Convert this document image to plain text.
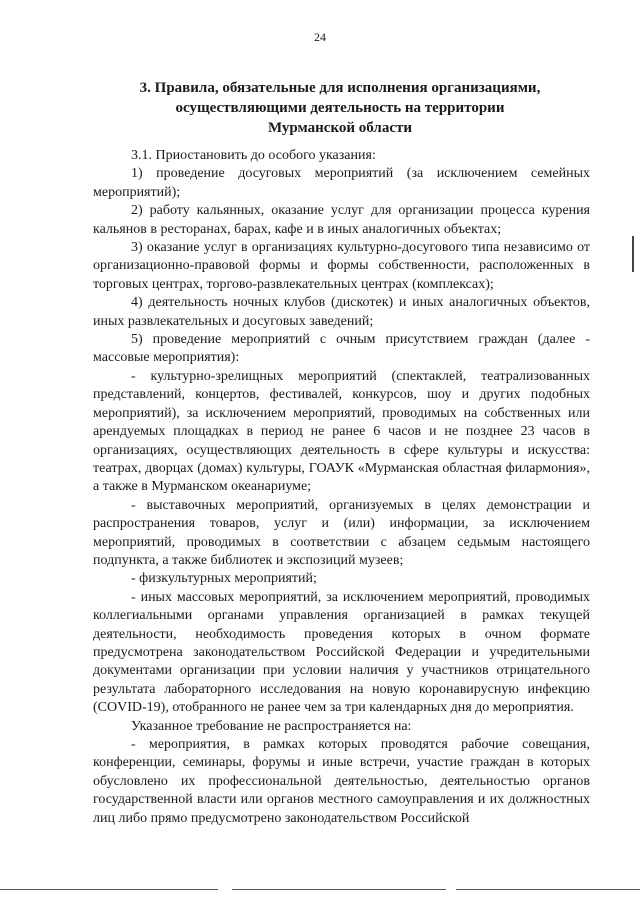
24
3. Правила, обязательные для исполнения организациями,
осуществляющими деятельность на территории
Мурманской области

3.1. Приостановить до особого указания:

1) проведение досуговых мероприятий (за исключением семейных мероприятий);

2) работу кальянных, оказание услуг для организации процесса курения кальянов в ресторанах, барах, кафе и в иных аналогичных объектах;

3) оказание услуг в организациях культурно-досугового типа независимо от организационно-правовой формы и формы собственности, расположенных в торговых центрах, торгово-развлекательных центрах (комплексах);

4) деятельность ночных клубов (дискотек) и иных аналогичных объектов, иных развлекательных и досуговых заведений;

5) проведение мероприятий с очным присутствием граждан (далее - массовые мероприятия):

- культурно-зрелищных мероприятий (спектаклей, театрализованных представлений, концертов, фестивалей, конкурсов, шоу и других подобных мероприятий), за исключением мероприятий, проводимых на собственных или арендуемых площадках в период не ранее 6 часов и не позднее 23 часов в организациях, осуществляющих деятельность в сфере культуры и искусства: театрах, дворцах (домах) культуры, ГОАУК «Мурманская областная филармония», а также в Мурманском океанариуме;

- выставочных мероприятий, организуемых в целях демонстрации и распространения товаров, услуг и (или) информации, за исключением мероприятий, проводимых в соответствии с абзацем седьмым настоящего подпункта, а также библиотек и экспозиций музеев;

- физкультурных мероприятий;

- иных массовых мероприятий, за исключением мероприятий, проводимых коллегиальными органами управления организацией в рамках текущей деятельности, необходимость проведения которых в очном формате предусмотрена законодательством Российской Федерации и учредительными документами организации при условии наличия у участников отрицательного результата лабораторного исследования на новую коронавирусную инфекцию (COVID-19), отобранного не ранее чем за три календарных дня до мероприятия.

Указанное требование не распространяется на:

- мероприятия, в рамках которых проводятся рабочие совещания, конференции, семинары, форумы и иные встречи, участие граждан в которых обусловлено их профессиональной деятельностью, деятельностью органов государственной власти или органов местного самоуправления и их должностных лиц либо прямо предусмотрено законодательством Российской
